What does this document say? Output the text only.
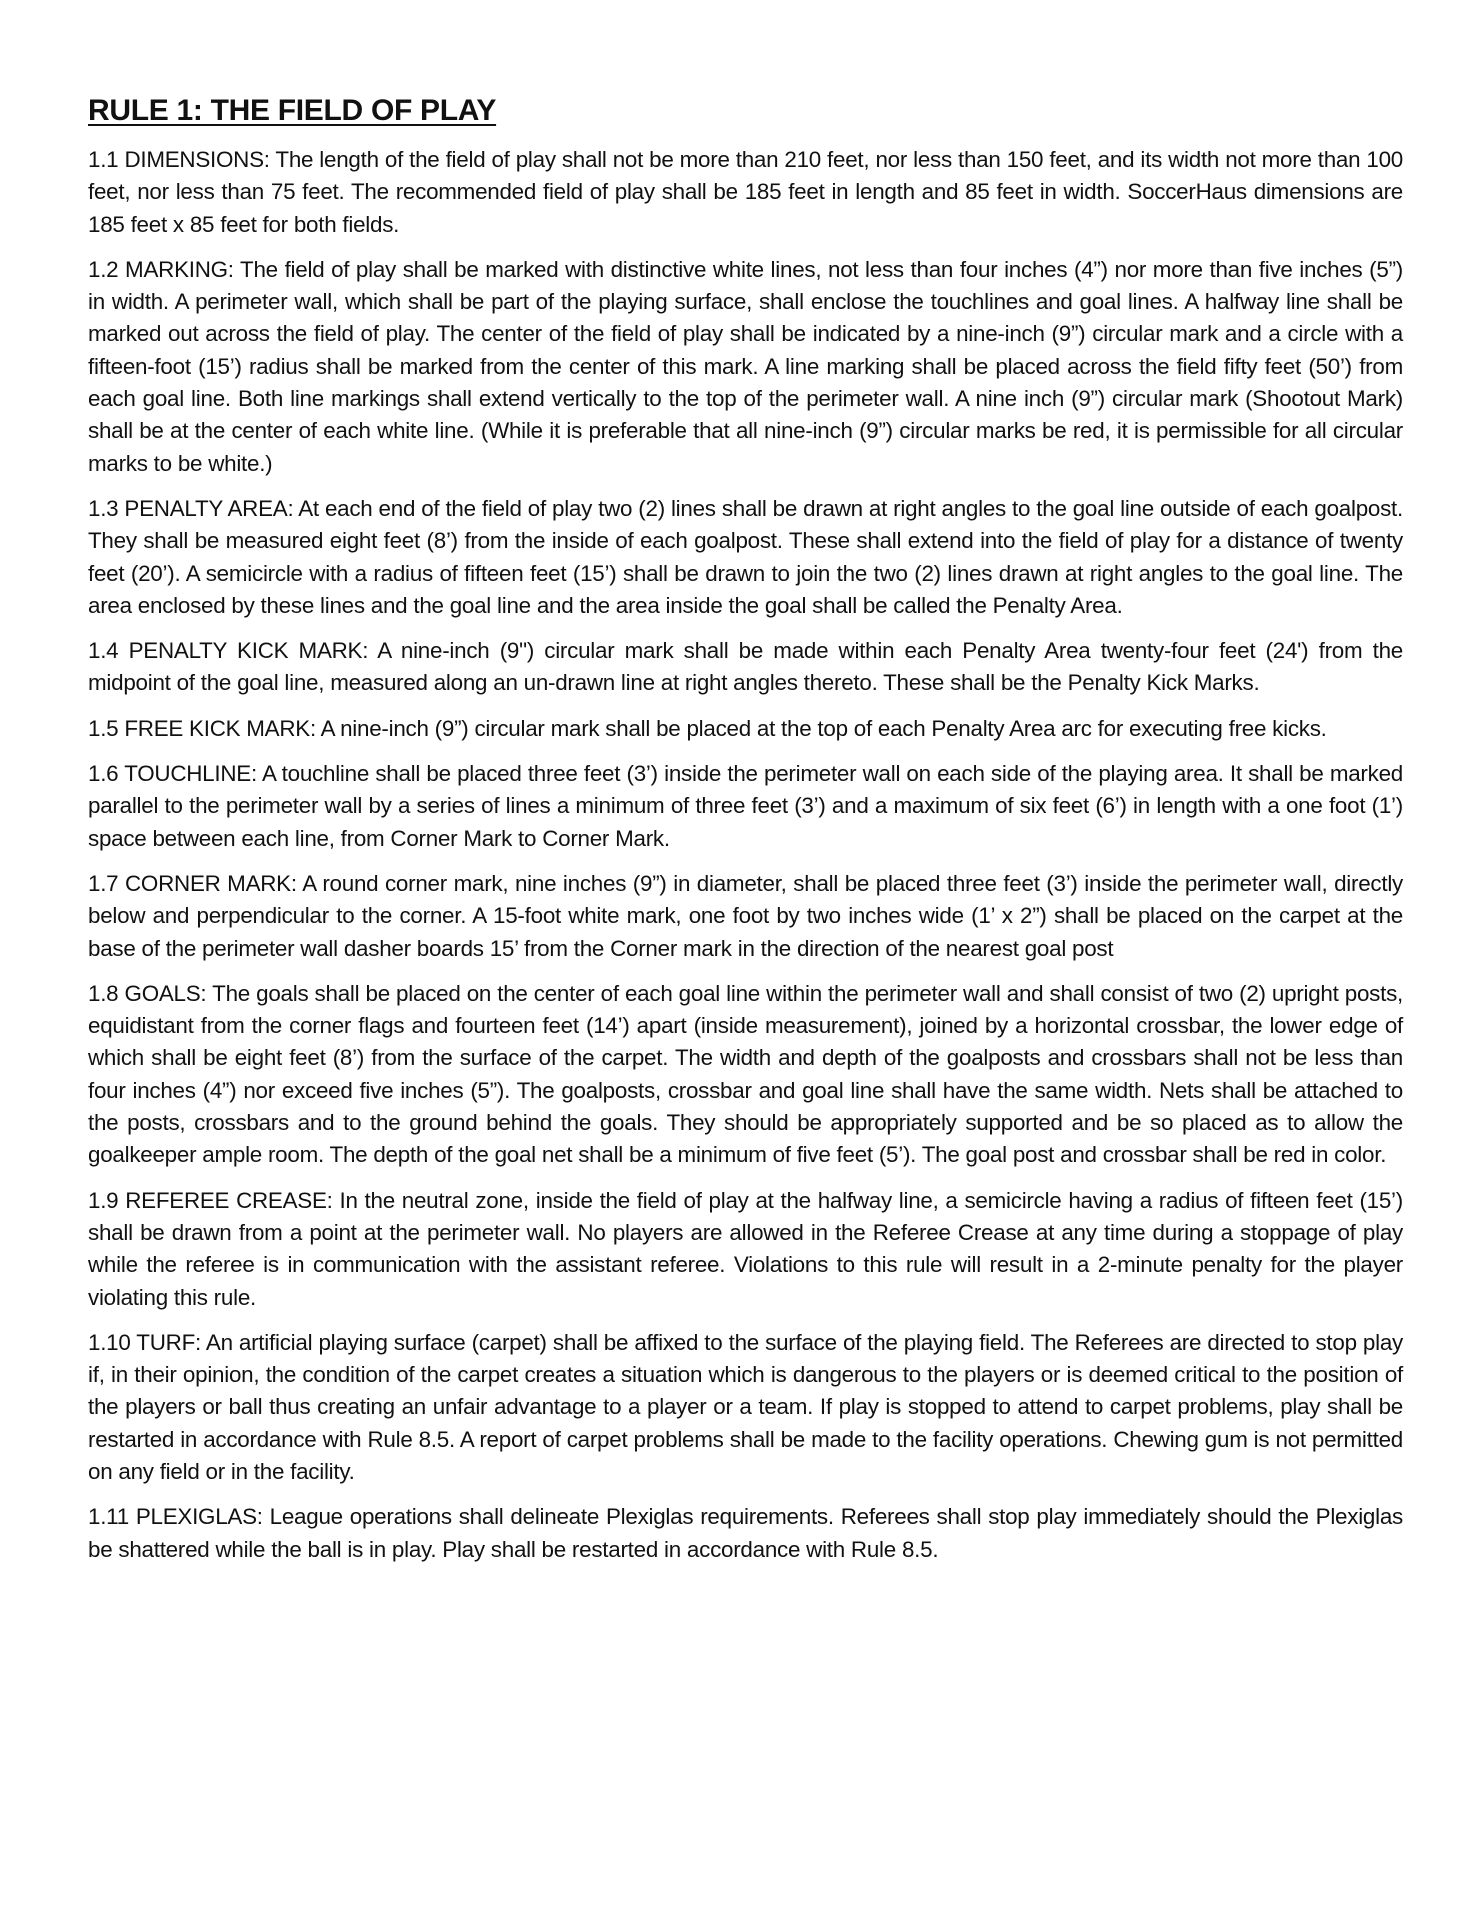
RULE 1: THE FIELD OF PLAY

1.1 DIMENSIONS: The length of the field of play shall not be more than 210 feet, nor less than 150 feet, and its width not more than 100 feet, nor less than 75 feet. The recommended field of play shall be 185 feet in length and 85 feet in width. SoccerHaus dimensions are 185 feet x 85 feet for both fields.

1.2 MARKING: The field of play shall be marked with distinctive white lines, not less than four inches (4”) nor more than five inches (5”) in width. A perimeter wall, which shall be part of the playing surface, shall enclose the touchlines and goal lines. A halfway line shall be marked out across the field of play. The center of the field of play shall be indicated by a nine-inch (9”) circular mark and a circle with a fifteen-foot (15’) radius shall be marked from the center of this mark. A line marking shall be placed across the field fifty feet (50’) from each goal line. Both line markings shall extend vertically to the top of the perimeter wall. A nine inch (9”) circular mark (Shootout Mark) shall be at the center of each white line. (While it is preferable that all nine-inch (9”) circular marks be red, it is permissible for all circular marks to be white.)

1.3 PENALTY AREA: At each end of the field of play two (2) lines shall be drawn at right angles to the goal line outside of each goalpost. They shall be measured eight feet (8’) from the inside of each goalpost. These shall extend into the field of play for a distance of twenty feet (20’). A semicircle with a radius of fifteen feet (15’) shall be drawn to join the two (2) lines drawn at right angles to the goal line. The area enclosed by these lines and the goal line and the area inside the goal shall be called the Penalty Area.

1.4 PENALTY KICK MARK: A nine-inch (9") circular mark shall be made within each Penalty Area twenty-four feet (24') from the midpoint of the goal line, measured along an un-drawn line at right angles thereto. These shall be the Penalty Kick Marks.

1.5 FREE KICK MARK: A nine-inch (9”) circular mark shall be placed at the top of each Penalty Area arc for executing free kicks.

1.6 TOUCHLINE: A touchline shall be placed three feet (3’) inside the perimeter wall on each side of the playing area. It shall be marked parallel to the perimeter wall by a series of lines a minimum of three feet (3’) and a maximum of six feet (6’) in length with a one foot (1’) space between each line, from Corner Mark to Corner Mark.

1.7 CORNER MARK: A round corner mark, nine inches (9”) in diameter, shall be placed three feet (3’) inside the perimeter wall, directly below and perpendicular to the corner. A 15-foot white mark, one foot by two inches wide (1’ x 2”) shall be placed on the carpet at the base of the perimeter wall dasher boards 15’ from the Corner mark in the direction of the nearest goal post

1.8 GOALS: The goals shall be placed on the center of each goal line within the perimeter wall and shall consist of two (2) upright posts, equidistant from the corner flags and fourteen feet (14’) apart (inside measurement), joined by a horizontal crossbar, the lower edge of which shall be eight feet (8’) from the surface of the carpet. The width and depth of the goalposts and crossbars shall not be less than four inches (4”) nor exceed five inches (5”). The goalposts, crossbar and goal line shall have the same width. Nets shall be attached to the posts, crossbars and to the ground behind the goals. They should be appropriately supported and be so placed as to allow the goalkeeper ample room. The depth of the goal net shall be a minimum of five feet (5’). The goal post and crossbar shall be red in color.

1.9 REFEREE CREASE: In the neutral zone, inside the field of play at the halfway line, a semicircle having a radius of fifteen feet (15’) shall be drawn from a point at the perimeter wall. No players are allowed in the Referee Crease at any time during a stoppage of play while the referee is in communication with the assistant referee. Violations to this rule will result in a 2-minute penalty for the player violating this rule.

1.10 TURF: An artificial playing surface (carpet) shall be affixed to the surface of the playing field. The Referees are directed to stop play if, in their opinion, the condition of the carpet creates a situation which is dangerous to the players or is deemed critical to the position of the players or ball thus creating an unfair advantage to a player or a team. If play is stopped to attend to carpet problems, play shall be restarted in accordance with Rule 8.5. A report of carpet problems shall be made to the facility operations. Chewing gum is not permitted on any field or in the facility.

1.11 PLEXIGLAS: League operations shall delineate Plexiglas requirements. Referees shall stop play immediately should the Plexiglas be shattered while the ball is in play. Play shall be restarted in accordance with Rule 8.5.
